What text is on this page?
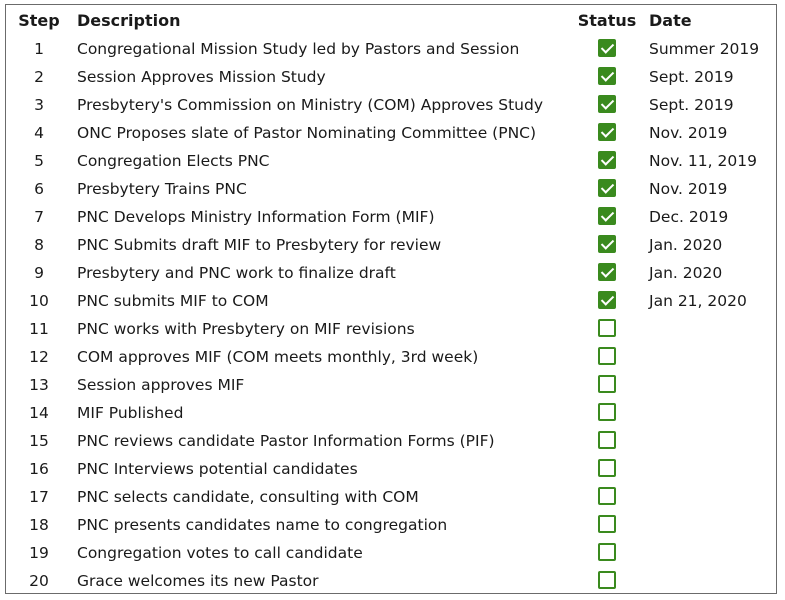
Step	Description	Status	Date
1	Congregational Mission Study led by Pastors and Session		Summer 2019
2	Session Approves Mission Study		Sept. 2019
3	Presbytery's Commission on Ministry (COM) Approves Study		Sept. 2019
4	ONC Proposes slate of Pastor Nominating Committee (PNC)		Nov. 2019
5	Congregation Elects PNC		Nov. 11, 2019
6	Presbytery Trains PNC		Nov. 2019
7	PNC Develops Ministry Information Form (MIF)		Dec. 2019
8	PNC Submits draft MIF to Presbytery for review		Jan. 2020
9	Presbytery and PNC work to finalize draft		Jan. 2020
10	PNC submits MIF to COM		Jan 21, 2020
11	PNC works with Presbytery on MIF revisions		
12	COM approves MIF (COM meets monthly, 3rd week)		
13	Session approves MIF		
14	MIF Published		
15	PNC reviews candidate Pastor Information Forms (PIF)		
16	PNC Interviews potential candidates		
17	PNC selects candidate, consulting with COM		
18	PNC presents candidates name to congregation		
19	Congregation votes to call candidate		
20	Grace welcomes its new Pastor		
